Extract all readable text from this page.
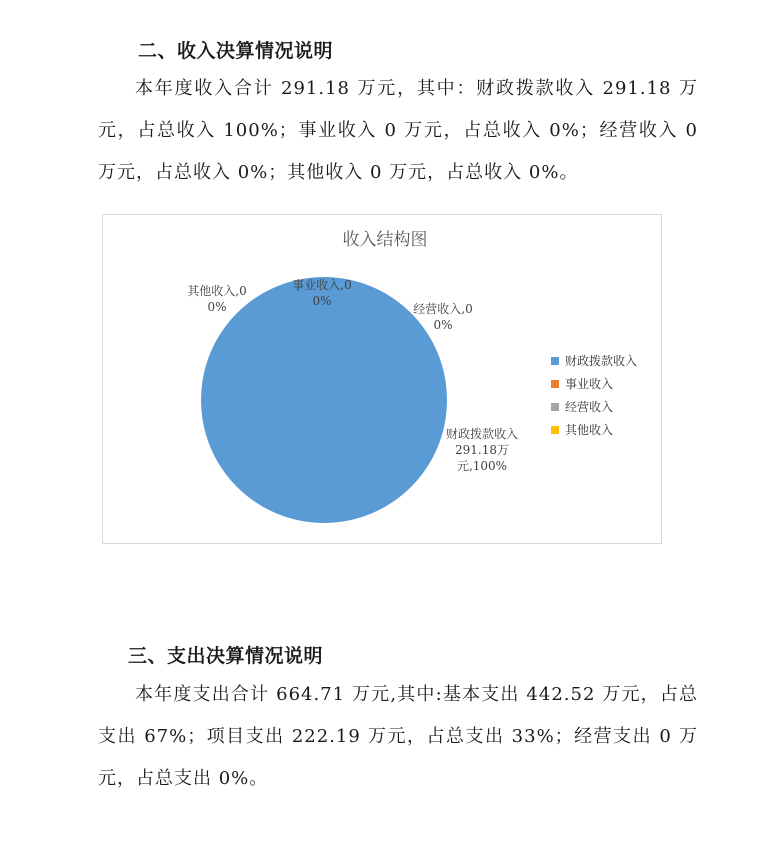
二、收入决算情况说明
本年度收入合计 291.18 万元，其中：财政拨款收入 291.18 万元，占总收入 100%；事业收入 0 万元，占总收入 0%；经营收入 0 万元，占总收入 0%；其他收入 0 万元，占总收入 0%。
收入结构图
财政拨款收入 291.18万元,100%
事业收入,0 0%
经营收入,0 0%
其他收入,0 0%
财政拨款收入
事业收入
经营收入
其他收入
三、支出决算情况说明
本年度支出合计 664.71 万元,其中:基本支出 442.52 万元，占总支出 67%；项目支出 222.19 万元，占总支出 33%；经营支出 0 万元，占总支出 0%。
